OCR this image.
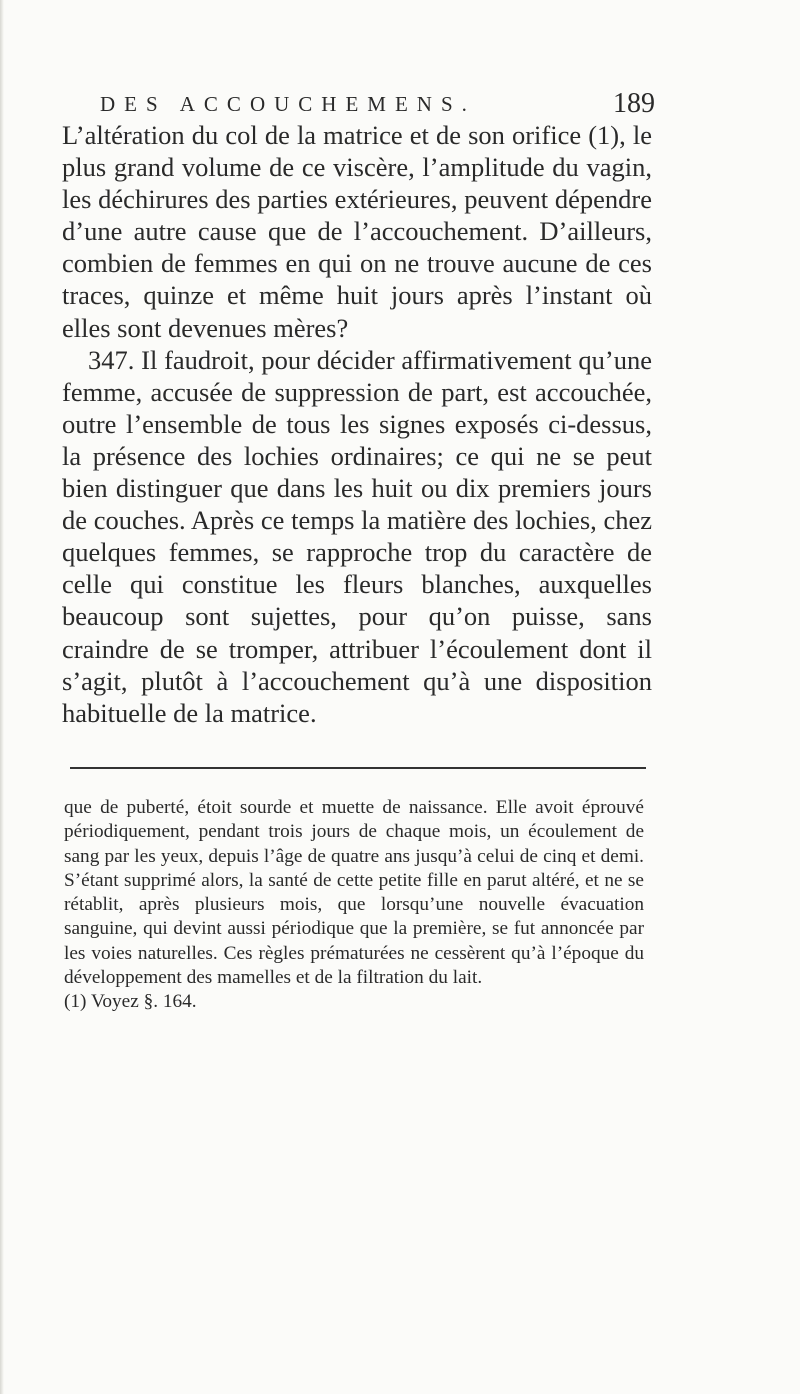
DES ACCOUCHEMENS.	189

L’altération du col de la matrice et de son orifice (1), le plus grand volume de ce viscère, l’amplitude du vagin, les déchirures des parties extérieures, peuvent dépendre d’une autre cause que de l’accouchement. D’ailleurs, combien de femmes en qui on ne trouve aucune de ces traces, quinze et même huit jours après l’instant où elles sont devenues mères?

347. Il faudroit, pour décider affirmativement qu’une femme, accusée de suppression de part, est accouchée, outre l’ensemble de tous les signes exposés ci-dessus, la présence des lochies ordinaires; ce qui ne se peut bien distinguer que dans les huit ou dix premiers jours de couches. Après ce temps la matière des lochies, chez quelques femmes, se rapproche trop du caractère de celle qui constitue les fleurs blanches, auxquelles beaucoup sont sujettes, pour qu’on puisse, sans craindre de se tromper, attribuer l’écoulement dont il s’agit, plutôt à l’accouchement qu’à une disposition habituelle de la matrice.

que de puberté, étoit sourde et muette de naissance. Elle avoit éprouvé périodiquement, pendant trois jours de chaque mois, un écoulement de sang par les yeux, depuis l’âge de quatre ans jusqu’à celui de cinq et demi. S’étant supprimé alors, la santé de cette petite fille en parut altéré, et ne se rétablit, après plusieurs mois, que lorsqu’une nouvelle évacuation sanguine, qui devint aussi périodique que la première, se fut annoncée par les voies naturelles. Ces règles prématurées ne cessèrent qu’à l’époque du développement des mamelles et de la filtration du lait.

(1) Voyez §. 164.
